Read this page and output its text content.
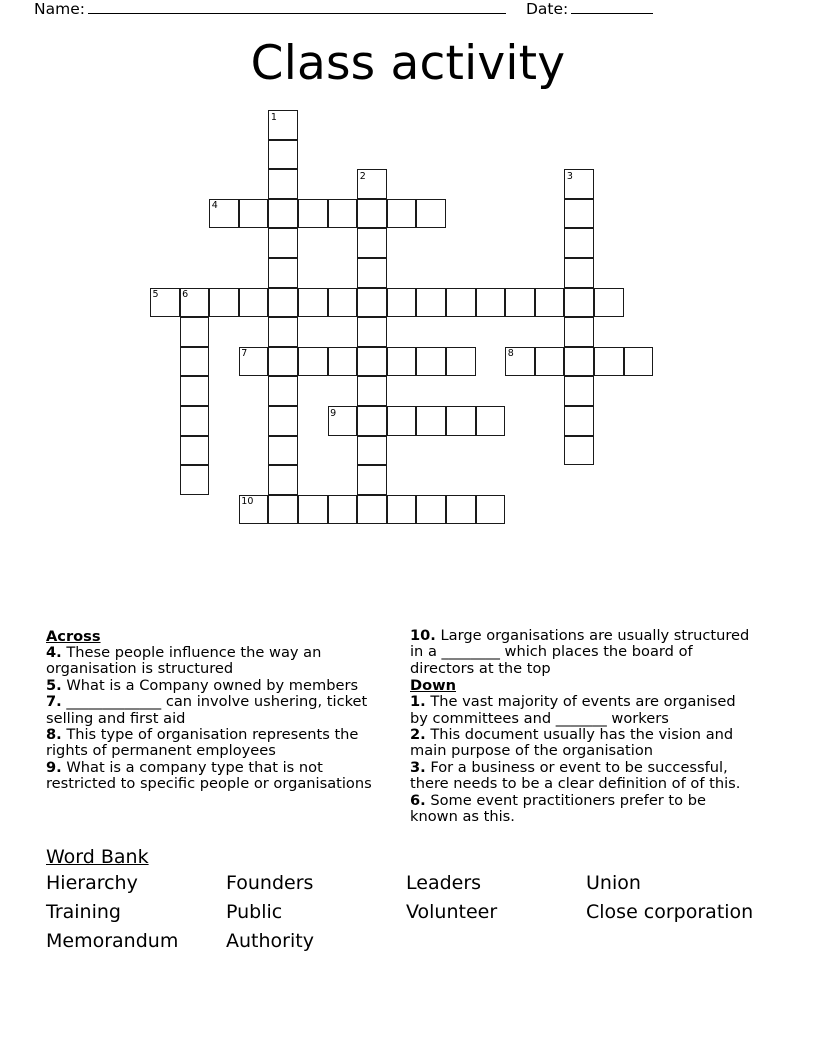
Name:	Date:
Class activity
1
2	3
4
5 6
7	8
9
10
Across

4. These people influence the way an organisation is structured

5. What is a Company owned by members

7. _____________ can involve ushering, ticket selling and first aid

8. This type of organisation represents the rights of permanent employees

9. What is a company type that is not restricted to specific people or organisations

10. Large organisations are usually structured in a ________ which places the board of directors at the top

Down

1. The vast majority of events are organised by committees and _______ workers

2. This document usually has the vision and main purpose of the organisation

3. For a business or event to be successful, there needs to be a clear definition of of this.

6. Some event practitioners prefer to be known as this.

Word Bank
Hierarchy	Founders	Leaders	Union
Training	Public	Volunteer	Close corporation
Memorandum	Authority
